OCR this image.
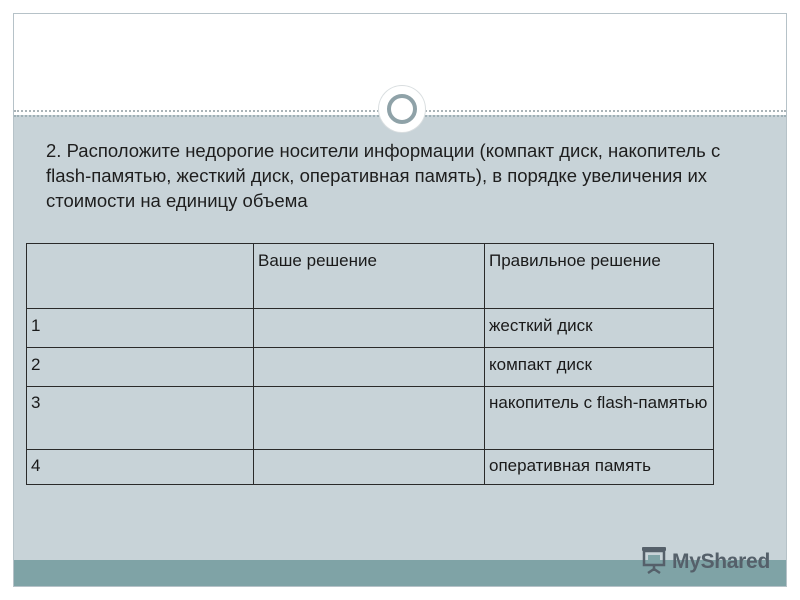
2. Расположите недорогие носители информации (компакт диск, накопитель с flash-памятью, жесткий диск, оперативная память), в порядке увеличения их стоимости на единицу объема

	Ваше решение	Правильное решение
1		жесткий диск
2		компакт диск
3		накопитель с flash-памятью
4		оперативная память
MyShared
